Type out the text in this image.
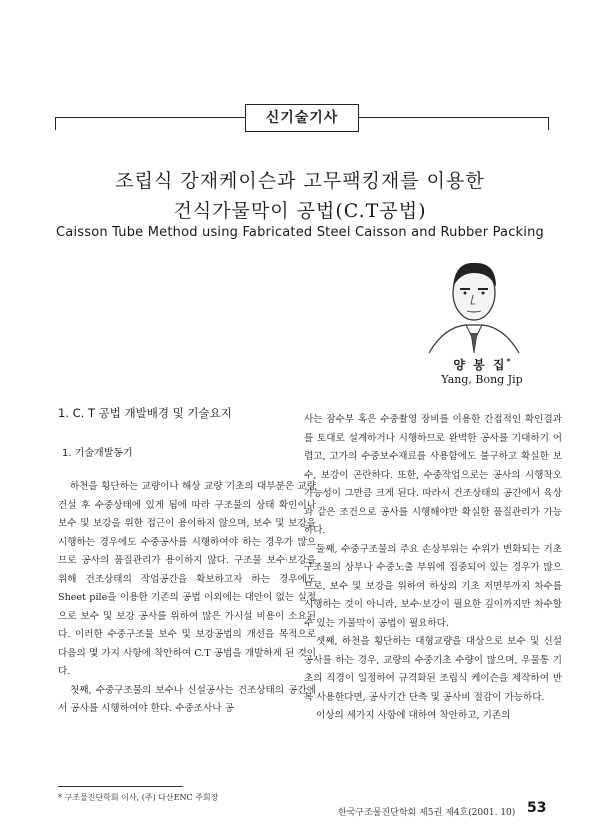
신기술기사
조립식 강재케이슨과 고무팩킹재를 이용한
건식가물막이 공법(C.T공법)
Caisson Tube Method using Fabricated Steel Caisson and Rubber Packing
양 봉 집*
Yang, Bong Jip
1. C. T 공법 개발배경 및 기술요지
1. 기술개발동기

하천을 횡단하는 교량이나 해상 교량 기초의 대부분은 교량 건설 후 수중상태에 있게 됨에 따라 구조물의 상태 확인이나 보수 및 보강을 위한 접근이 용이하지 않으며, 보수 및 보강을 시행하는 경우에도 수중공사를 시행하여야 하는 경우가 많으므로 공사의 품질관리가 용이하지 않다. 구조물 보수·보강을 위해 건조상태의 작업공간을 확보하고자 하는 경우에도 Sheet pile을 이용한 기존의 공법 이외에는 대안이 없는 실정으로 보수 및 보강 공사를 위하여 많은 가시설 비용이 소요된다. 이러한 수중구조물 보수 및 보강공법의 개선을 목적으로 다음의 몇 가지 사항에 착안하여 C.T 공법을 개발하게 된 것이다.

첫째, 수중구조물의 보수나 신설공사는 건조상태의 공간에서 공사를 시행하여야 한다. 수중조사나 공

사는 잠수부 혹은 수중촬영 장비를 이용한 간접적인 확인결과를 토대로 설계하거나 시행하므로 완벽한 공사를 기대하기 어렵고, 고가의 수중보수재료를 사용함에도 불구하고 확실한 보수, 보강이 곤란하다. 또한, 수중작업으로는 공사의 시행착오 가능성이 그만큼 크게 된다. 따라서 건조상태의 공간에서 육상과 같은 조건으로 공사를 시행해야만 확실한 품질관리가 가능하다.

둘째, 수중구조물의 주요 손상부위는 수위가 변화되는 기초구조물의 상부나 수중노출 부위에 집중되어 있는 경우가 많으므로, 보수 및 보강을 위하여 하상의 기초 저면부까지 차수를 시행하는 것이 아니라, 보수·보강이 필요한 깊이까지만 차수할 수 있는 가물막이 공법이 필요하다.

셋째, 하천을 횡단하는 대형교량을 대상으로 보수 및 신설공사를 하는 경우, 교량의 수중기초 수량이 많으며, 우물통 기초의 직경이 일정하여 규격화된 조립식 케이슨을 제작하여 반복 사용한다면, 공사기간 단축 및 공사비 절감이 가능하다.

이상의 세가지 사항에 대하여 착안하고, 기존의

* 구조물진단학회 이사, (주) 다산ENC 주회장
한국구조물진단학회 제5권 제4호(2001. 10) 53
